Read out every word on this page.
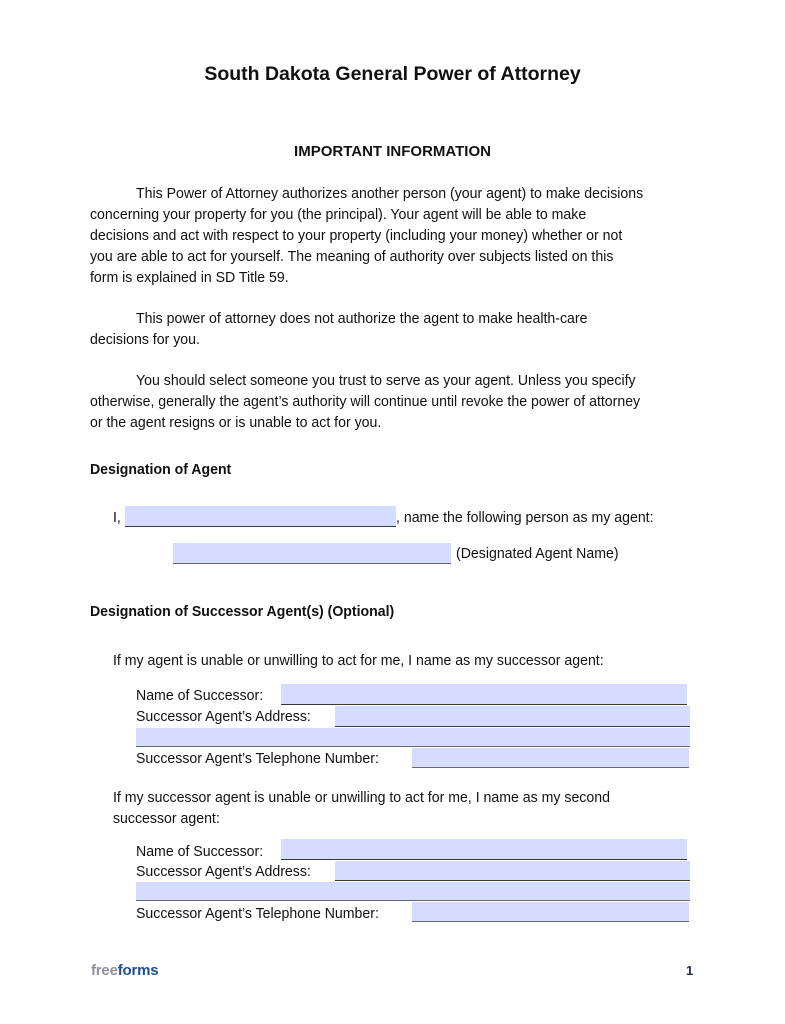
South Dakota General Power of Attorney
IMPORTANT INFORMATION
This Power of Attorney authorizes another person (your agent) to make decisions
concerning your property for you (the principal). Your agent will be able to make
decisions and act with respect to your property (including your money) whether or not
you are able to act for yourself. The meaning of authority over subjects listed on this
form is explained in SD Title 59.
This power of attorney does not authorize the agent to make health-care
decisions for you.
You should select someone you trust to serve as your agent. Unless you specify
otherwise, generally the agent’s authority will continue until revoke the power of attorney
or the agent resigns or is unable to act for you.
Designation of Agent
I,	, name the following person as my agent:
(Designated Agent Name)
Designation of Successor Agent(s) (Optional)
If my agent is unable or unwilling to act for me, I name as my successor agent:
Name of Successor:
Successor Agent’s Address:
Successor Agent’s Telephone Number:
If my successor agent is unable or unwilling to act for me, I name as my second
successor agent:
Name of Successor:
Successor Agent’s Address:
Successor Agent’s Telephone Number:
freeforms	1
